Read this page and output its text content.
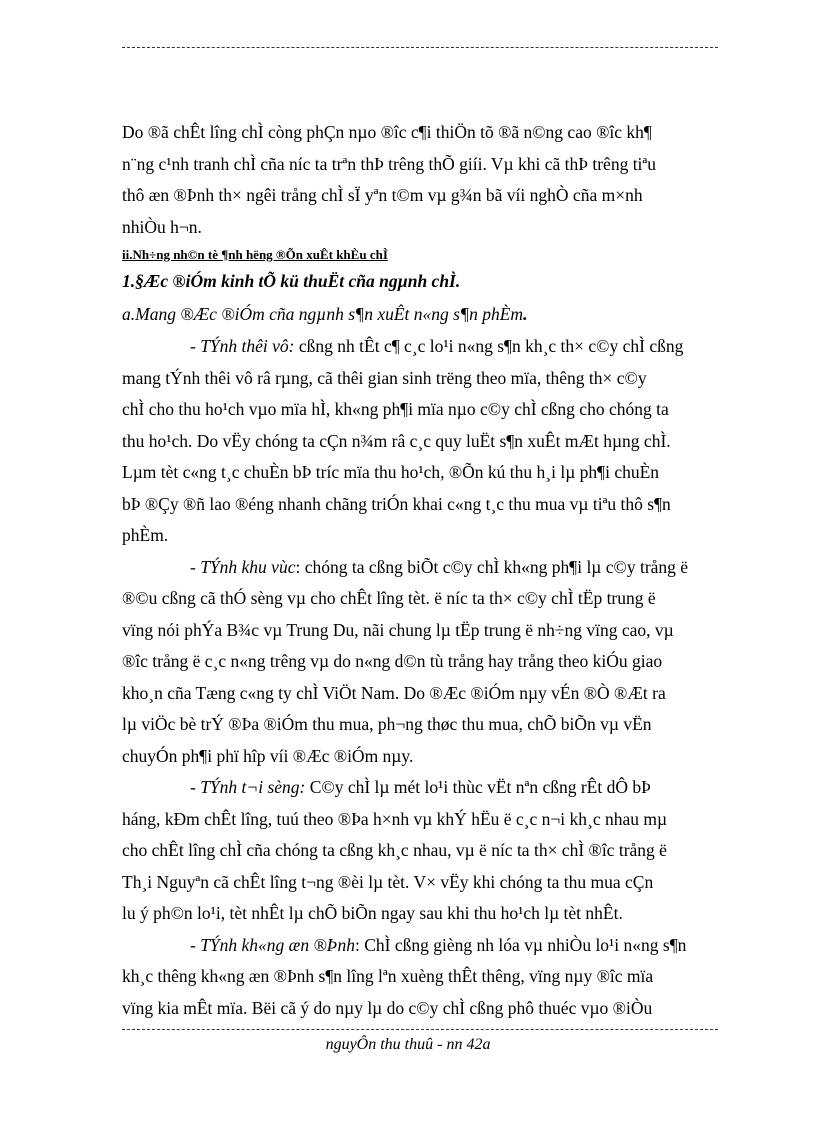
Do ®ã chÊt lîng chÌ còng phÇn nµo ®îc c¶i thiÖn tõ ®ã n©ng cao ®îc kh¶
n¨ng c¹nh tranh chÌ cña níc ta trªn thÞ trêng thÕ giíi. Vµ khi cã thÞ trêng tiªu
thô æn ®Þnh th× ngêi trång chÌ sÏ yªn t©m vµ g¾n bã víi nghÒ cña m×nh
nhiÒu h¬n.
ii.Nh÷ng nh©n tè ¶nh hëng ®Õn xuÊt khÈu chÌ
1.§Æc ®iÓm kinh tÕ kü thuËt cña ngµnh chÌ.
a.Mang ®Æc ®iÓm cña ngµnh s¶n xuÊt n«ng s¶n phÈm.
- TÝnh thêi vô: cßng nh tÊt c¶ c¸c lo¹i n«ng s¶n kh¸c th× c©y chÌ cßng
mang tÝnh thêi vô râ rµng, cã thêi gian sinh trëng theo mïa, thêng th× c©y
chÌ cho thu ho¹ch vµo mïa hÌ, kh«ng ph¶i mïa nµo c©y chÌ cßng cho chóng ta
thu ho¹ch. Do vËy chóng ta cÇn n¾m râ c¸c quy luËt s¶n xuÊt mÆt hµng chÌ.
Lµm tèt c«ng t¸c chuÈn bÞ tríc mïa thu ho¹ch, ®Õn kú thu h¸i lµ ph¶i chuÈn
bÞ ®Çy ®ñ lao ®éng nhanh chãng triÓn khai c«ng t¸c thu mua vµ tiªu thô s¶n
phÈm.
- TÝnh khu vùc: chóng ta cßng biÕt c©y chÌ kh«ng ph¶i lµ c©y trång ë
®©u cßng cã thÓ sèng vµ cho chÊt lîng tèt. ë níc ta th× c©y chÌ tËp trung ë
vïng nói phÝa B¾c vµ Trung Du, nãi chung lµ tËp trung ë nh÷ng vïng cao, vµ
®îc trång ë c¸c n«ng trêng vµ do n«ng d©n tù trång hay trång theo kiÓu giao
kho¸n cña Tæng c«ng ty chÌ ViÖt Nam. Do ®Æc ®iÓm nµy vÉn ®Ò ®Æt ra
lµ viÖc bè trÝ ®Þa ®iÓm thu mua, ph¬ng thøc thu mua, chÕ biÕn vµ vËn
chuyÓn ph¶i phï hîp víi ®Æc ®iÓm nµy.
- TÝnh t¬i sèng: C©y chÌ lµ mét lo¹i thùc vËt nªn cßng rÊt dÔ bÞ
háng, kÐm chÊt lîng, tuú theo ®Þa h×nh vµ khÝ hËu ë c¸c n¬i kh¸c nhau mµ
cho chÊt lîng chÌ cña chóng ta cßng kh¸c nhau, vµ ë níc ta th× chÌ ®îc trång ë
Th¸i Nguyªn cã chÊt lîng t¬ng ®èi lµ tèt. V× vËy khi chóng ta thu mua cÇn
lu ý ph©n lo¹i, tèt nhÊt lµ chÕ biÕn ngay sau khi thu ho¹ch lµ tèt nhÊt.
- TÝnh kh«ng æn ®Þnh: ChÌ cßng gièng nh lóa vµ nhiÒu lo¹i n«ng s¶n
kh¸c thêng kh«ng æn ®Þnh s¶n lîng lªn xuèng thÊt thêng, vïng nµy ®îc mïa
vïng kia mÊt mïa. Bëi cã ý do nµy lµ do c©y chÌ cßng phô thuéc vµo ®iÒu
nguyÔn thu thuû - nn 42a
